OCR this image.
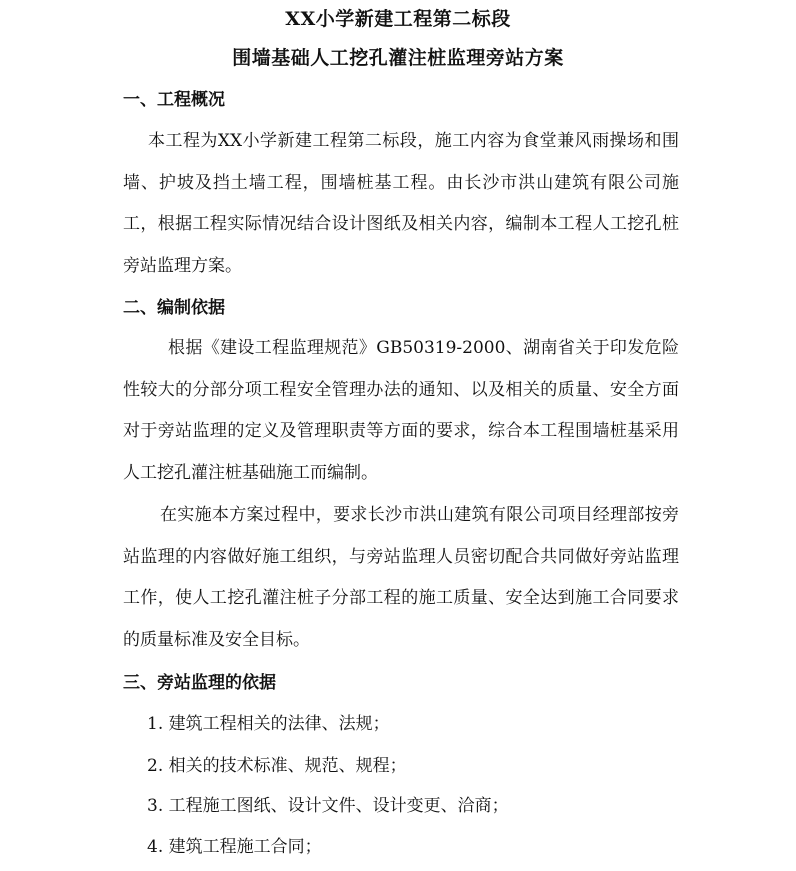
XX小学新建工程第二标段
围墙基础人工挖孔灌注桩监理旁站方案
一、工程概况

本工程为XX小学新建工程第二标段，施工内容为食堂兼风雨操场和围墙、护坡及挡土墙工程，围墙桩基工程。由长沙市洪山建筑有限公司施工，根据工程实际情况结合设计图纸及相关内容，编制本工程人工挖孔桩旁站监理方案。

二、编制依据

根据《建设工程监理规范》GB50319-2000、湖南省关于印发危险性较大的分部分项工程安全管理办法的通知、以及相关的质量、安全方面对于旁站监理的定义及管理职责等方面的要求，综合本工程围墙桩基采用人工挖孔灌注桩基础施工而编制。

在实施本方案过程中，要求长沙市洪山建筑有限公司项目经理部按旁站监理的内容做好施工组织，与旁站监理人员密切配合共同做好旁站监理工作，使人工挖孔灌注桩子分部工程的施工质量、安全达到施工合同要求的质量标准及安全目标。

三、旁站监理的依据
1. 建筑工程相关的法律、法规；
2. 相关的技术标准、规范、规程；
3. 工程施工图纸、设计文件、设计变更、洽商；
4. 建筑工程施工合同；
